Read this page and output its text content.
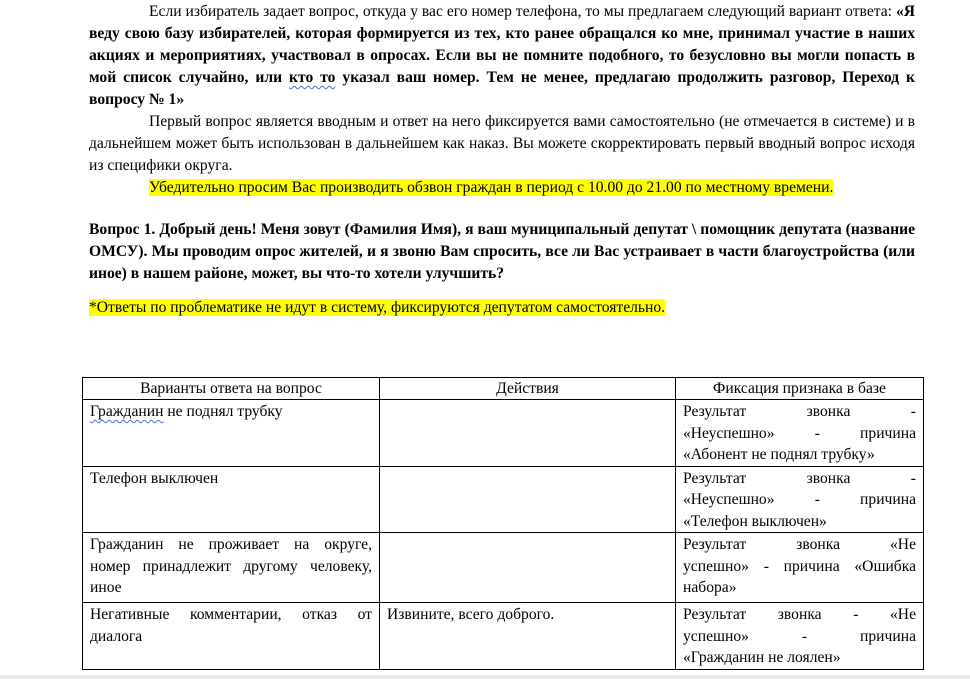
Если избиратель задает вопрос, откуда у вас его номер телефона, то мы предлагаем следующий вариант ответа: «Я веду свою базу избирателей, которая формируется из тех, кто ранее обращался ко мне, принимал участие в наших акциях и мероприятиях, участвовал в опросах. Если вы не помните подобного, то безусловно вы могли попасть в мой список случайно, или кто то указал ваш номер. Тем не менее, предлагаю продолжить разговор, Переход к вопросу № 1»

Первый вопрос является вводным и ответ на него фиксируется вами самостоятельно (не отмечается в системе) и в дальнейшем может быть использован в дальнейшем как наказ. Вы можете скорректировать первый вводный вопрос исходя из специфики округа.

Убедительно просим Вас производить обзвон граждан в период с 10.00 до 21.00 по местному времени.

Вопрос 1. Добрый день! Меня зовут (Фамилия Имя), я ваш муниципальный депутат \ помощник депутата (название ОМСУ). Мы проводим опрос жителей, и я звоню Вам спросить, все ли Вас устраивает в части благоустройства (или иное) в нашем районе, может, вы что-то хотели улучшить?

*Ответы по проблематике не идут в систему, фиксируются депутатом самостоятельно.

Варианты ответа на вопрос	Действия	Фиксация признака в базе
Гражданин не поднял трубку		Результат звонка -
«Неуспешно» - причина
«Абонент не поднял трубку»

Телефон выключен		Результат звонка -
«Неуспешно» - причина
«Телефон выключен»

Гражданин не проживает на округе, номер принадлежит другому человеку, иное		Результат звонка «Не
успешно» - причина «Ошибка
набора»

Негативные комментарии, отказ от диалога	Извините, всего доброго.	Результат звонка - «Не
успешно» - причина
«Гражданин не лоялен»
